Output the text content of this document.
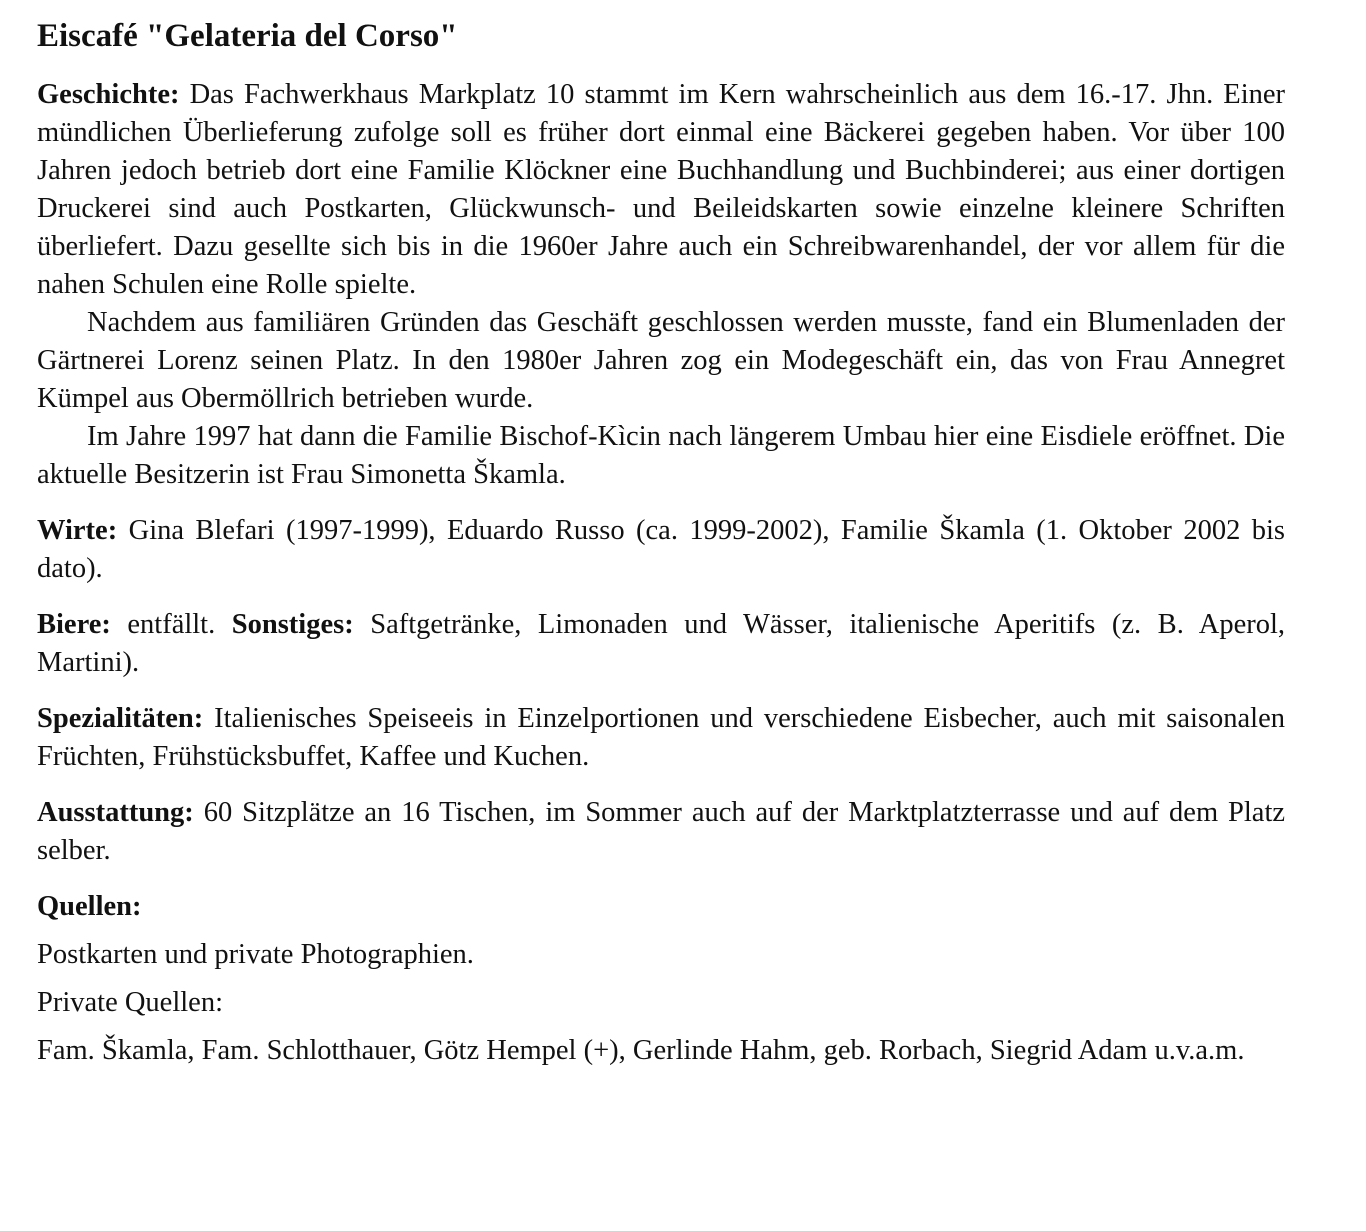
Eiscafé "Gelateria del Corso"

Geschichte: Das Fachwerkhaus Markplatz 10 stammt im Kern wahrscheinlich aus dem 16.-17. Jhn. Einer mündlichen Überlieferung zufolge soll es früher dort einmal eine Bäckerei gegeben haben. Vor über 100 Jahren jedoch betrieb dort eine Familie Klöckner eine Buchhandlung und Buchbinderei; aus einer dortigen Druckerei sind auch Postkarten, Glückwunsch- und Beileidskarten sowie einzelne kleinere Schriften überliefert. Dazu gesellte sich bis in die 1960er Jahre auch ein Schreibwarenhandel, der vor allem für die nahen Schulen eine Rolle spielte.

Nachdem aus familiären Gründen das Geschäft geschlossen werden musste, fand ein Blumenladen der Gärtnerei Lorenz seinen Platz. In den 1980er Jahren zog ein Modegeschäft ein, das von Frau Annegret Kümpel aus Obermöllrich betrieben wurde.

Im Jahre 1997 hat dann die Familie Bischof-Kìcin nach längerem Umbau hier eine Eisdiele eröffnet. Die aktuelle Besitzerin ist Frau Simonetta Škamla.

Wirte: Gina Blefari (1997-1999), Eduardo Russo (ca. 1999-2002), Familie Škamla (1. Oktober 2002 bis dato).

Biere: entfällt. Sonstiges: Saftgetränke, Limonaden und Wässer, italienische Aperitifs (z. B. Aperol, Martini).

Spezialitäten: Italienisches Speiseeis in Einzelportionen und verschiedene Eisbecher, auch mit saisonalen Früchten, Frühstücksbuffet, Kaffee und Kuchen.

Ausstattung: 60 Sitzplätze an 16 Tischen, im Sommer auch auf der Marktplatzterrasse und auf dem Platz selber.

Quellen:

Postkarten und private Photographien.

Private Quellen:

Fam. Škamla, Fam. Schlotthauer, Götz Hempel (+), Gerlinde Hahm, geb. Rorbach, Siegrid Adam u.v.a.m.
